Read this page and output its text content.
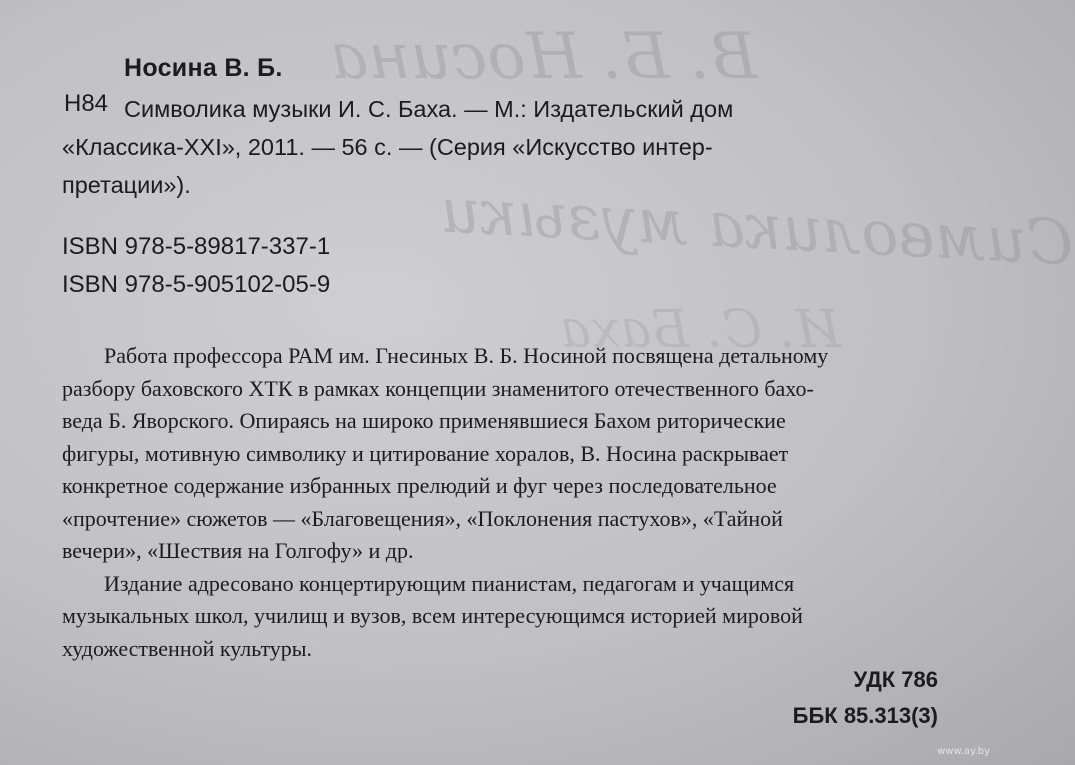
В. Б. Носина
Символика музыки
И. С. Баха
Носина В. Б.
Н84 Символика музыки И. С. Баха. — М.: Издательский дом
«Классика-XXI», 2011. — 56 с. — (Серия «Искусство интер-
претации»).
ISBN 978-5-89817-337-1
ISBN 978-5-905102-05-9
Работа профессора РАМ им. Гнесиных В. Б. Носиной посвящена детальному
разбору баховского ХТК в рамках концепции знаменитого отечественного бахо-
веда Б. Яворского. Опираясь на широко применявшиеся Бахом риторические
фигуры, мотивную символику и цитирование хоралов, В. Носина раскрывает
конкретное содержание избранных прелюдий и фуг через последовательное
«прочтение» сюжетов — «Благовещения», «Поклонения пастухов», «Тайной
вечери», «Шествия на Голгофу» и др.
Издание адресовано концертирующим пианистам, педагогам и учащимся
музыкальных школ, училищ и вузов, всем интересующимся историей мировой
художественной культуры.
УДК 786
ББК 85.313(3)
www.ay.by
